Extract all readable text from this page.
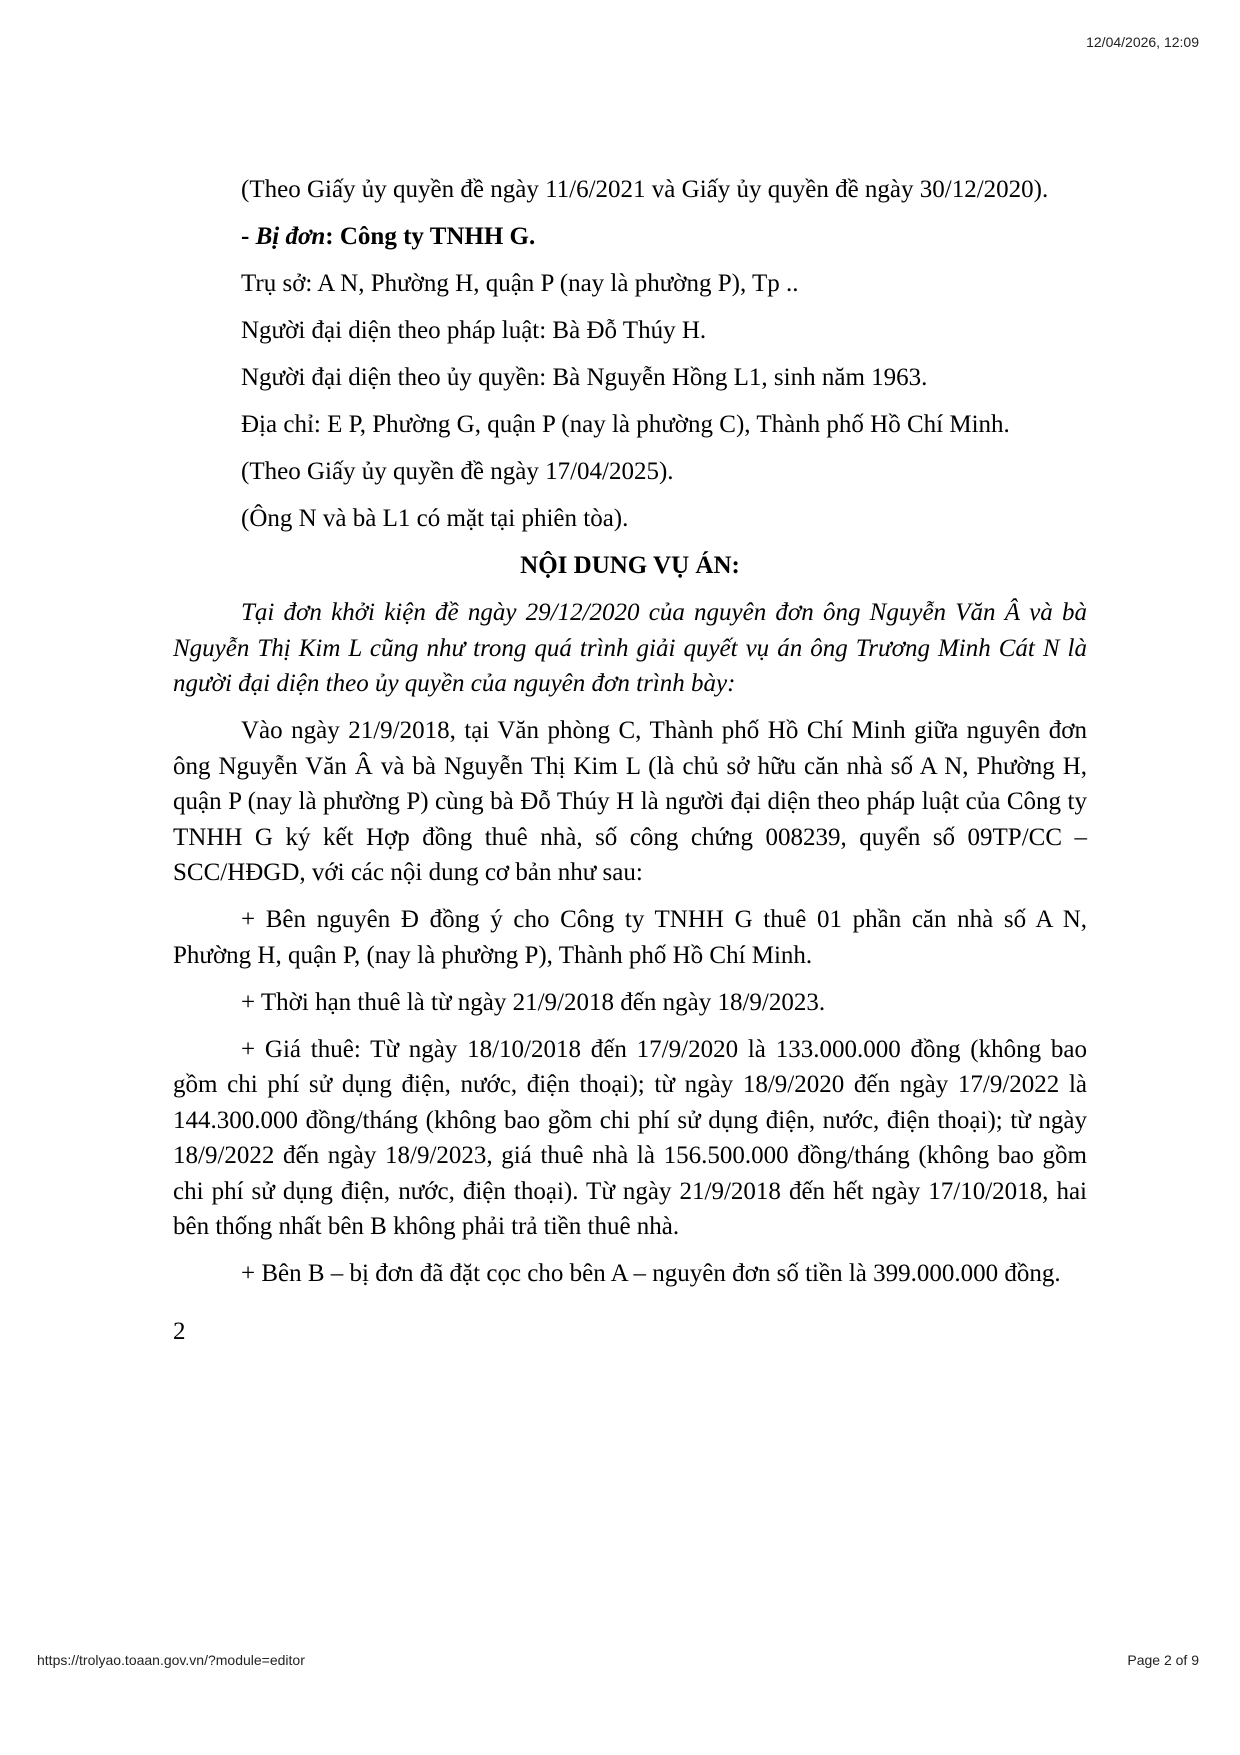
12/04/2026, 12:09

(Theo Giấy ủy quyền đề ngày 11/6/2021 và Giấy ủy quyền đề ngày 30/12/2020).

- Bị đơn: Công ty TNHH G.

Trụ sở: A N, Phường H, quận P (nay là phường P), Tp ..

Người đại diện theo pháp luật: Bà Đỗ Thúy H.

Người đại diện theo ủy quyền: Bà Nguyễn Hồng L1, sinh năm 1963.

Địa chỉ: E P, Phường G, quận P (nay là phường C), Thành phố Hồ Chí Minh.

(Theo Giấy ủy quyền đề ngày 17/04/2025).

(Ông N và bà L1 có mặt tại phiên tòa).

NỘI DUNG VỤ ÁN:

Tại đơn khởi kiện đề ngày 29/12/2020 của nguyên đơn ông Nguyễn Văn Â và bà Nguyễn Thị Kim L cũng như trong quá trình giải quyết vụ án ông Trương Minh Cát N là người đại diện theo ủy quyền của nguyên đơn trình bày:

Vào ngày 21/9/2018, tại Văn phòng C, Thành phố Hồ Chí Minh giữa nguyên đơn ông Nguyễn Văn Â và bà Nguyễn Thị Kim L (là chủ sở hữu căn nhà số A N, Phường H, quận P (nay là phường P) cùng bà Đỗ Thúy H là người đại diện theo pháp luật của Công ty TNHH G ký kết Hợp đồng thuê nhà, số công chứng 008239, quyển số 09TP/CC – SCC/HĐGD, với các nội dung cơ bản như sau:

+ Bên nguyên Đ đồng ý cho Công ty TNHH G thuê 01 phần căn nhà số A N, Phường H, quận P, (nay là phường P), Thành phố Hồ Chí Minh.

+ Thời hạn thuê là từ ngày 21/9/2018 đến ngày 18/9/2023.

+ Giá thuê: Từ ngày 18/10/2018 đến 17/9/2020 là 133.000.000 đồng (không bao gồm chi phí sử dụng điện, nước, điện thoại); từ ngày 18/9/2020 đến ngày 17/9/2022 là 144.300.000 đồng/tháng (không bao gồm chi phí sử dụng điện, nước, điện thoại); từ ngày 18/9/2022 đến ngày 18/9/2023, giá thuê nhà là 156.500.000 đồng/tháng (không bao gồm chi phí sử dụng điện, nước, điện thoại). Từ ngày 21/9/2018 đến hết ngày 17/10/2018, hai bên thống nhất bên B không phải trả tiền thuê nhà.

+ Bên B – bị đơn đã đặt cọc cho bên A – nguyên đơn số tiền là 399.000.000 đồng.

2

https://trolyao.toaan.gov.vn/?module=editor	Page 2 of 9
